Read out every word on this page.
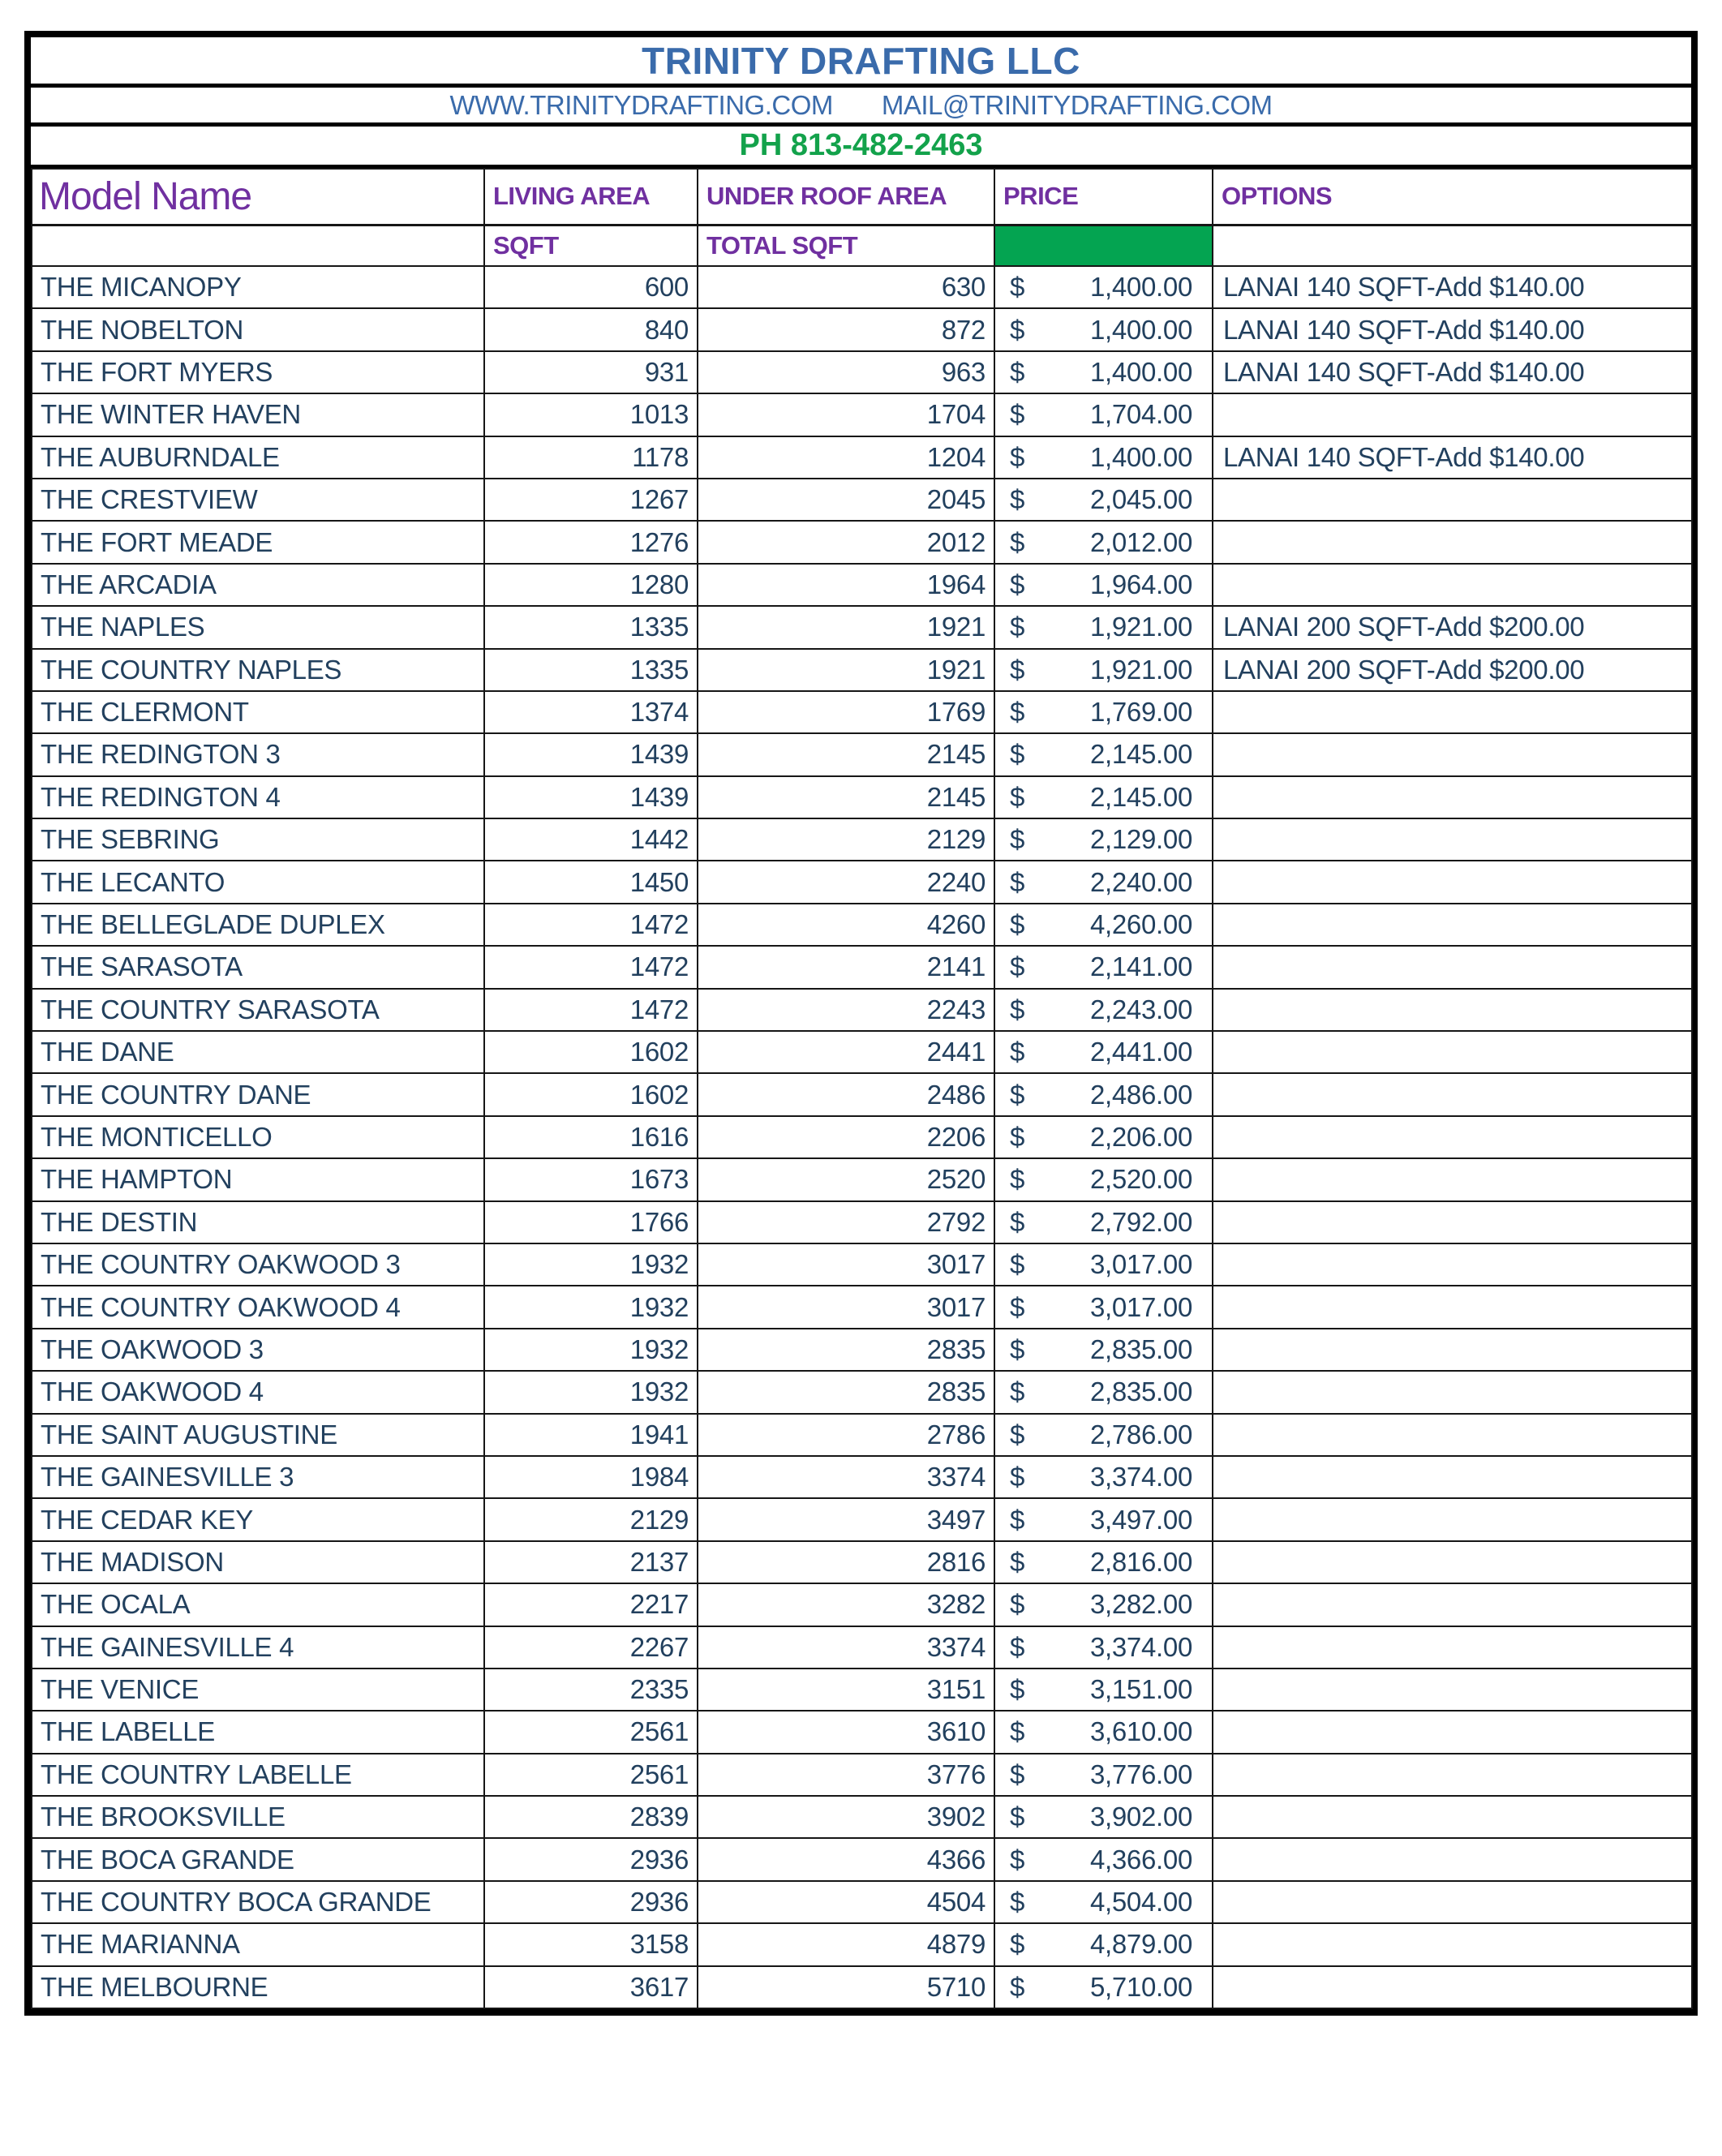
TRINITY DRAFTING LLC
WWW.TRINITYDRAFTING.COM MAIL@TRINITYDRAFTING.COM
PH 813-482-2463
Model Name	LIVING AREA	UNDER ROOF AREA	PRICE	OPTIONS
	SQFT	TOTAL SQFT		
THE MICANOPY	600	630	$ 1,400.00	LANAI 140 SQFT-Add $140.00
THE NOBELTON	840	872	$ 1,400.00	LANAI 140 SQFT-Add $140.00
THE FORT MYERS	931	963	$ 1,400.00	LANAI 140 SQFT-Add $140.00
THE WINTER HAVEN	1013	1704	$ 1,704.00	

THE AUBURNDALE	1178	1204	$ 1,400.00	LANAI 140 SQFT-Add $140.00
THE CRESTVIEW	1267	2045	$ 2,045.00	

THE FORT MEADE	1276	2012	$ 2,012.00	

THE ARCADIA	1280	1964	$ 1,964.00	

THE NAPLES	1335	1921	$ 1,921.00	LANAI 200 SQFT-Add $200.00
THE COUNTRY NAPLES	1335	1921	$ 1,921.00	LANAI 200 SQFT-Add $200.00
THE CLERMONT	1374	1769	$ 1,769.00	

THE REDINGTON 3	1439	2145	$ 2,145.00	

THE REDINGTON 4	1439	2145	$ 2,145.00	

THE SEBRING	1442	2129	$ 2,129.00	

THE LECANTO	1450	2240	$ 2,240.00	

THE BELLEGLADE DUPLEX	1472	4260	$ 4,260.00	

THE SARASOTA	1472	2141	$ 2,141.00	

THE COUNTRY SARASOTA	1472	2243	$ 2,243.00	

THE DANE	1602	2441	$ 2,441.00	

THE COUNTRY DANE	1602	2486	$ 2,486.00	

THE MONTICELLO	1616	2206	$ 2,206.00	

THE HAMPTON	1673	2520	$ 2,520.00	

THE DESTIN	1766	2792	$ 2,792.00	

THE COUNTRY OAKWOOD 3	1932	3017	$ 3,017.00	

THE COUNTRY OAKWOOD 4	1932	3017	$ 3,017.00	

THE OAKWOOD 3	1932	2835	$ 2,835.00	

THE OAKWOOD 4	1932	2835	$ 2,835.00	

THE SAINT AUGUSTINE	1941	2786	$ 2,786.00	

THE GAINESVILLE 3	1984	3374	$ 3,374.00	

THE CEDAR KEY	2129	3497	$ 3,497.00	

THE MADISON	2137	2816	$ 2,816.00	

THE OCALA	2217	3282	$ 3,282.00	

THE GAINESVILLE 4	2267	3374	$ 3,374.00	

THE VENICE	2335	3151	$ 3,151.00	

THE LABELLE	2561	3610	$ 3,610.00	

THE COUNTRY LABELLE	2561	3776	$ 3,776.00	

THE BROOKSVILLE	2839	3902	$ 3,902.00	

THE BOCA GRANDE	2936	4366	$ 4,366.00	

THE COUNTRY BOCA GRANDE	2936	4504	$ 4,504.00	

THE MARIANNA	3158	4879	$ 4,879.00	

THE MELBOURNE	3617	5710	$ 5,710.00	
